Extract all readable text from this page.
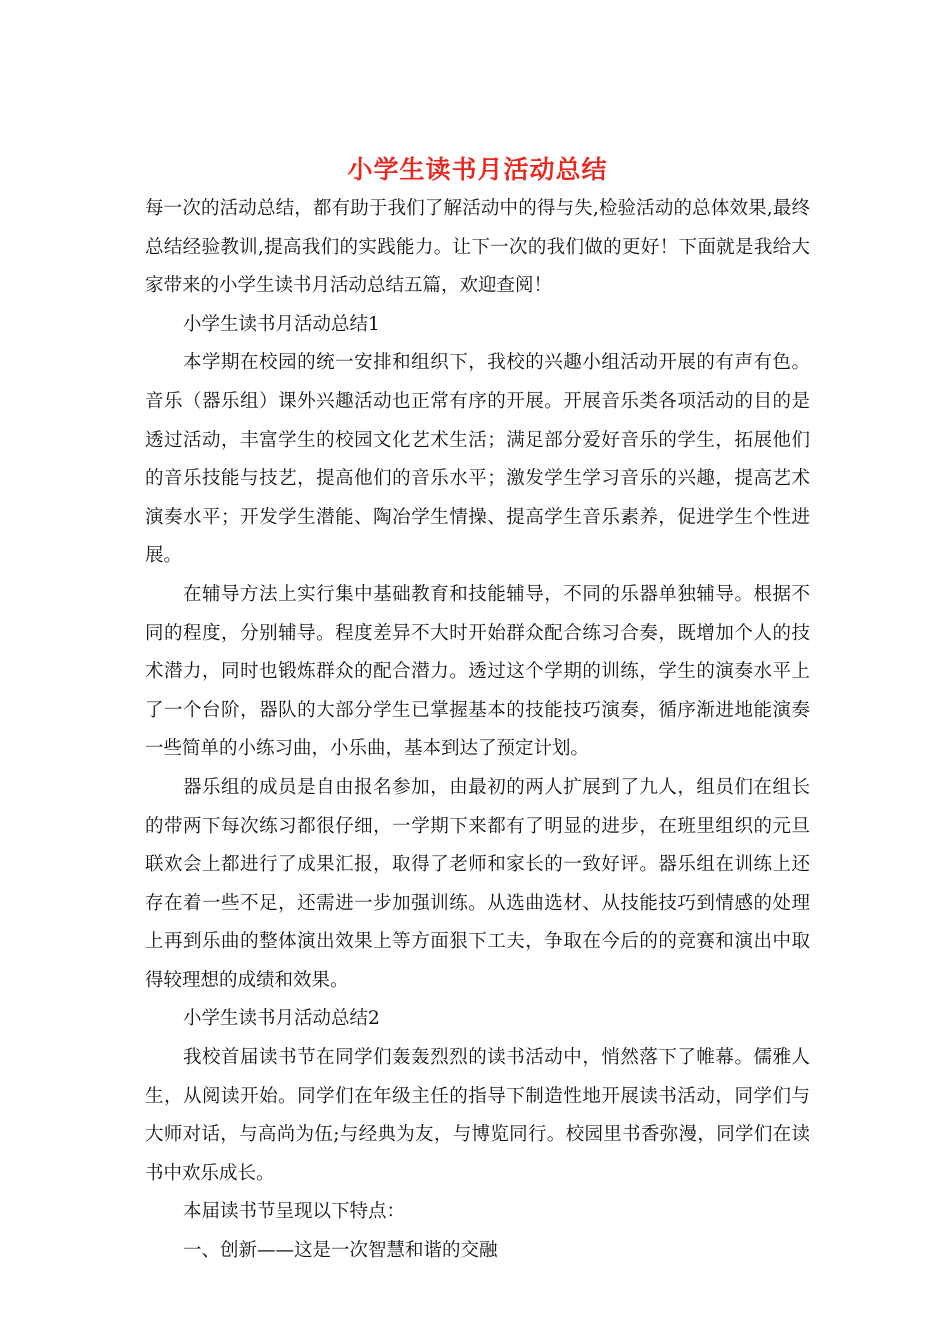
小学生读书月活动总结

每一次的活动总结，都有助于我们了解活动中的得与失,检验活动的总体效果,最终总结经验教训,提高我们的实践能力。让下一次的我们做的更好！下面就是我给大家带来的小学生读书月活动总结五篇，欢迎查阅！

小学生读书月活动总结1

本学期在校园的统一安排和组织下，我校的兴趣小组活动开展的有声有色。音乐（器乐组）课外兴趣活动也正常有序的开展。开展音乐类各项活动的目的是透过活动，丰富学生的校园文化艺术生活；满足部分爱好音乐的学生，拓展他们的音乐技能与技艺，提高他们的音乐水平；激发学生学习音乐的兴趣，提高艺术演奏水平；开发学生潜能、陶冶学生情操、提高学生音乐素养，促进学生个性进展。

在辅导方法上实行集中基础教育和技能辅导，不同的乐器单独辅导。根据不同的程度，分别辅导。程度差异不大时开始群众配合练习合奏，既增加个人的技术潜力，同时也锻炼群众的配合潜力。透过这个学期的训练，学生的演奏水平上了一个台阶，器队的大部分学生已掌握基本的技能技巧演奏，循序渐进地能演奏一些简单的小练习曲，小乐曲，基本到达了预定计划。

器乐组的成员是自由报名参加，由最初的两人扩展到了九人，组员们在组长的带两下每次练习都很仔细，一学期下来都有了明显的进步，在班里组织的元旦联欢会上都进行了成果汇报，取得了老师和家长的一致好评。器乐组在训练上还存在着一些不足，还需进一步加强训练。从选曲选材、从技能技巧到情感的处理上再到乐曲的整体演出效果上等方面狠下工夫，争取在今后的的竞赛和演出中取得较理想的成绩和效果。

小学生读书月活动总结2

我校首届读书节在同学们轰轰烈烈的读书活动中，悄然落下了帷幕。儒雅人生，从阅读开始。同学们在年级主任的指导下制造性地开展读书活动，同学们与大师对话，与高尚为伍;与经典为友，与博览同行。校园里书香弥漫，同学们在读书中欢乐成长。

本届读书节呈现以下特点：

一、创新——这是一次智慧和谐的交融
